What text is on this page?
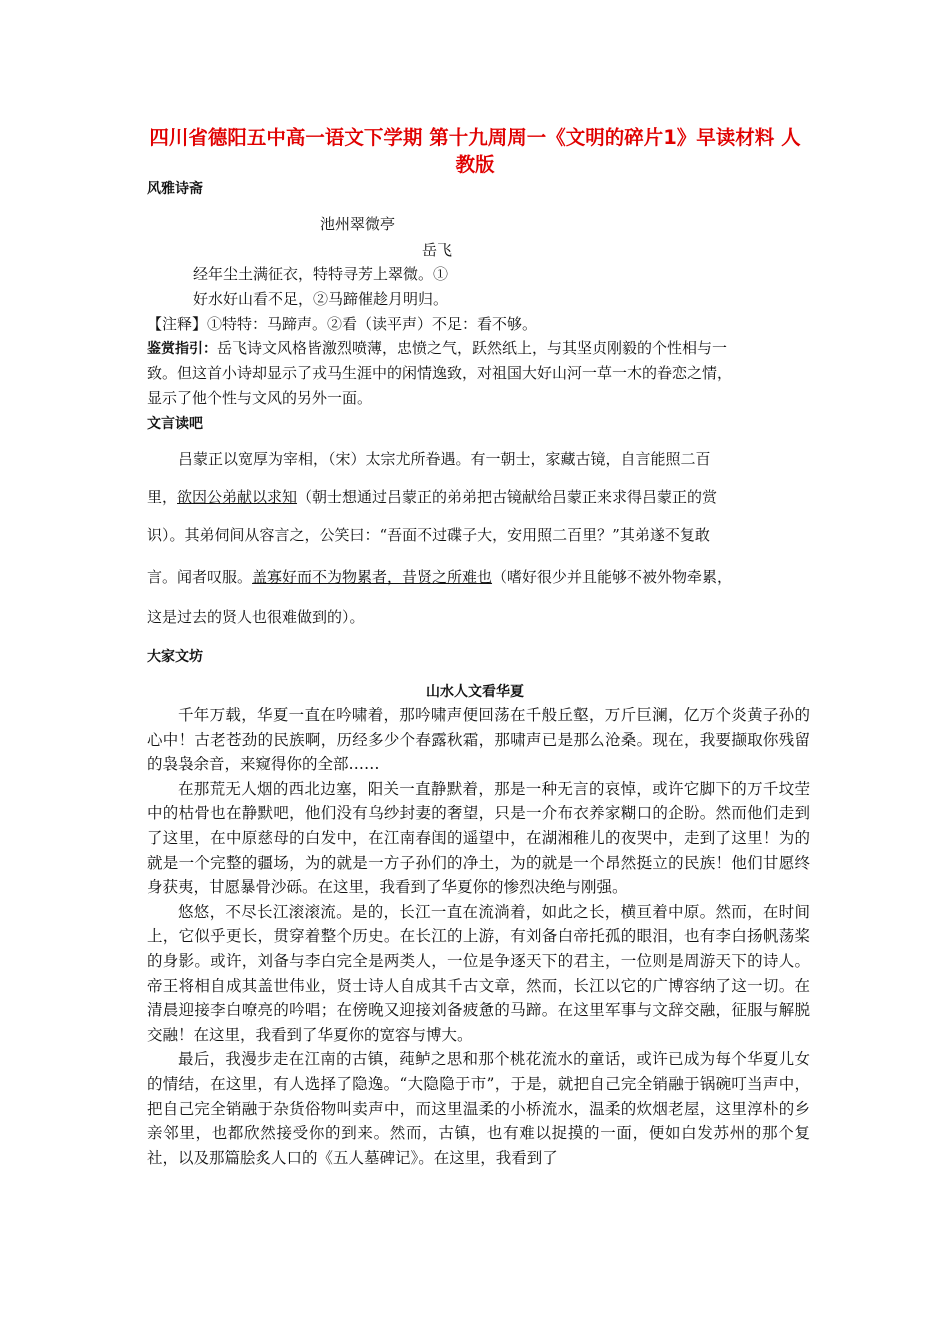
四川省德阳五中高一语文下学期 第十九周周一《文明的碎片1》早读材料 人教版
风雅诗斋
池州翠微亭
岳飞
经年尘土满征衣，特特寻芳上翠微。①
好水好山看不足，②马蹄催趁月明归。
【注释】①特特：马蹄声。②看（读平声）不足：看不够。
鉴赏指引：岳飞诗文风格皆激烈喷薄，忠愤之气，跃然纸上，与其坚贞刚毅的个性相与一
致。但这首小诗却显示了戎马生涯中的闲情逸致，对祖国大好山河一草一木的眷恋之情，
显示了他个性与文风的另外一面。
文言读吧
吕蒙正以宽厚为宰相，（宋）太宗尤所眷遇。有一朝士，家藏古镜，自言能照二百
里，欲因公弟献以求知（朝士想通过吕蒙正的弟弟把古镜献给吕蒙正来求得吕蒙正的赏
识）。其弟伺间从容言之，公笑曰：“吾面不过碟子大，安用照二百里？”其弟遂不复敢
言。闻者叹服。盖寡好而不为物累者，昔贤之所难也（嗜好很少并且能够不被外物牵累，
这是过去的贤人也很难做到的）。
大家文坊
山水人文看华夏

千年万载，华夏一直在吟啸着，那吟啸声便回荡在千般丘壑，万斤巨澜，亿万个炎黄子孙的心中！古老苍劲的民族啊，历经多少个春露秋霜，那啸声已是那么沧桑。现在，我要撷取你残留的袅袅余音，来窥得你的全部……

在那荒无人烟的西北边塞，阳关一直静默着，那是一种无言的哀悼，或许它脚下的万千坟茔中的枯骨也在静默吧，他们没有乌纱封妻的奢望，只是一介布衣养家糊口的企盼。然而他们走到了这里，在中原慈母的白发中，在江南春闺的遥望中，在湖湘稚儿的夜哭中，走到了这里！为的就是一个完整的疆场，为的就是一方子孙们的净土，为的就是一个昂然挺立的民族！他们甘愿终身获夷，甘愿暴骨沙砾。在这里，我看到了华夏你的惨烈决绝与刚强。

悠悠，不尽长江滚滚流。是的，长江一直在流淌着，如此之长，横亘着中原。然而，在时间上，它似乎更长，贯穿着整个历史。在长江的上游，有刘备白帝托孤的眼泪，也有李白扬帆荡桨的身影。或许，刘备与李白完全是两类人，一位是争逐天下的君主，一位则是周游天下的诗人。帝王将相自成其盖世伟业，贤士诗人自成其千古文章，然而，长江以它的广博容纳了这一切。在清晨迎接李白嘹亮的吟唱；在傍晚又迎接刘备疲惫的马蹄。在这里军事与文辞交融，征服与解脱交融！在这里，我看到了华夏你的宽容与博大。

最后，我漫步走在江南的古镇，莼鲈之思和那个桃花流水的童话，或许已成为每个华夏儿女的情结，在这里，有人选择了隐逸。“大隐隐于市”，于是，就把自己完全销融于锅碗叮当声中，把自己完全销融于杂货俗物叫卖声中，而这里温柔的小桥流水，温柔的炊烟老屋，这里淳朴的乡亲邻里，也都欣然接受你的到来。然而，古镇，也有难以捉摸的一面，便如白发苏州的那个复社，以及那篇脍炙人口的《五人墓碑记》。在这里，我看到了
